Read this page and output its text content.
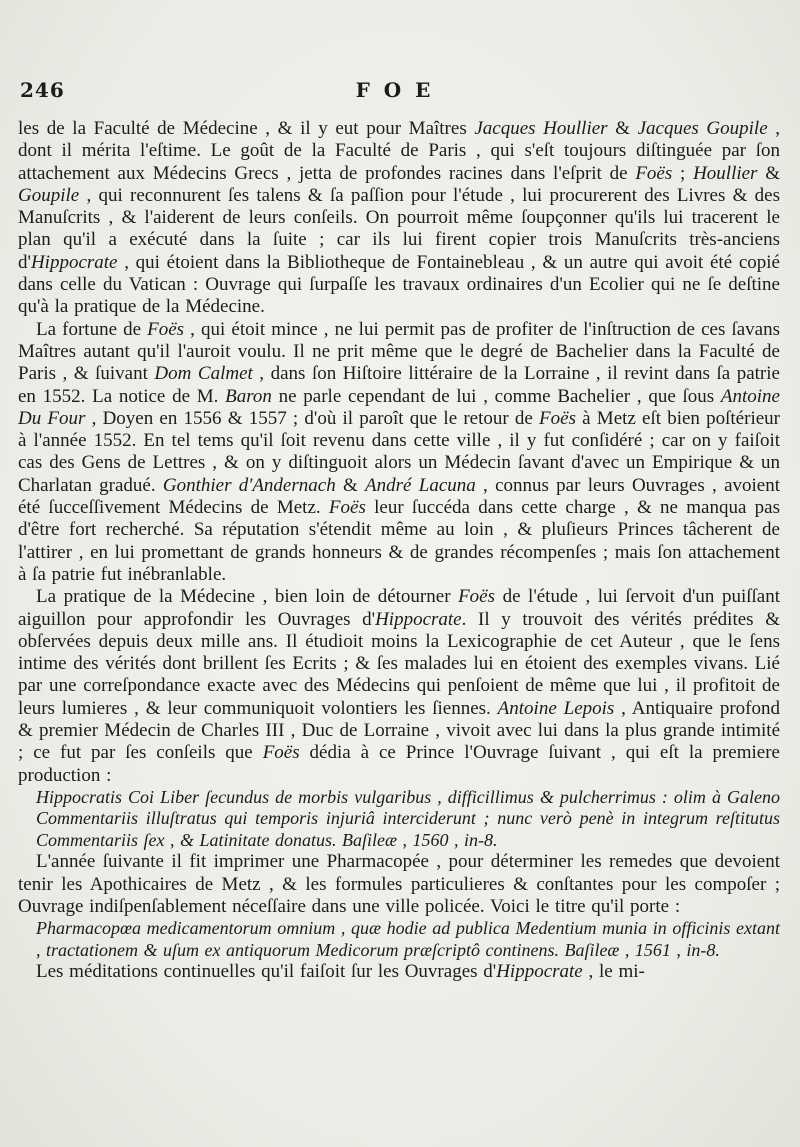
246	FOE

les de la Faculté de Médecine , & il y eut pour Maîtres Jacques Houllier & Jacques Goupile , dont il mérita l'eſtime. Le goût de la Faculté de Paris , qui s'eſt toujours diſtinguée par ſon attachement aux Médecins Grecs , jetta de profondes racines dans l'eſprit de Foës ; Houllier & Goupile , qui reconnurent ſes talens & ſa paſſion pour l'étude , lui procurerent des Livres & des Manuſcrits , & l'aiderent de leurs conſeils. On pourroit même ſoupçonner qu'ils lui tracerent le plan qu'il a exécuté dans la ſuite ; car ils lui firent copier trois Manuſcrits très-anciens d'Hippocrate , qui étoient dans la Bibliotheque de Fontainebleau , & un autre qui avoit été copié dans celle du Vatican : Ouvrage qui ſurpaſſe les travaux ordinaires d'un Ecolier qui ne ſe deſtine qu'à la pratique de la Médecine.

La fortune de Foës , qui étoit mince , ne lui permit pas de profiter de l'inſtruction de ces ſavans Maîtres autant qu'il l'auroit voulu. Il ne prit même que le degré de Bachelier dans la Faculté de Paris , & ſuivant Dom Calmet , dans ſon Hiſtoire littéraire de la Lorraine , il revint dans ſa patrie en 1552. La notice de M. Baron ne parle cependant de lui , comme Bachelier , que ſous Antoine Du Four , Doyen en 1556 & 1557 ; d'où il paroît que le retour de Foës à Metz eſt bien poſtérieur à l'année 1552. En tel tems qu'il ſoit revenu dans cette ville , il y fut conſidéré ; car on y faiſoit cas des Gens de Lettres , & on y diſtinguoit alors un Médecin ſavant d'avec un Empirique & un Charlatan gradué. Gonthier d'Andernach & André Lacuna , connus par leurs Ouvrages , avoient été ſucceſſivement Médecins de Metz. Foës leur ſuccéda dans cette charge , & ne manqua pas d'être fort recherché. Sa réputation s'étendit même au loin , & pluſieurs Princes tâcherent de l'attirer , en lui promettant de grands honneurs & de grandes récompenſes ; mais ſon attachement à ſa patrie fut inébranlable.

La pratique de la Médecine , bien loin de détourner Foës de l'étude , lui ſervoit d'un puiſſant aiguillon pour approfondir les Ouvrages d'Hippocrate. Il y trouvoit des vérités prédites & obſervées depuis deux mille ans. Il étudioit moins la Lexicographie de cet Auteur , que le ſens intime des vérités dont brillent ſes Ecrits ; & ſes malades lui en étoient des exemples vivans. Lié par une correſpondance exacte avec des Médecins qui penſoient de même que lui , il profitoit de leurs lumieres , & leur communiquoit volontiers les ſiennes. Antoine Lepois , Antiquaire profond & premier Médecin de Charles III , Duc de Lorraine , vivoit avec lui dans la plus grande intimité ; ce fut par ſes conſeils que Foës dédia à ce Prince l'Ouvrage ſuivant , qui eſt la premiere production :

Hippocratis Coi Liber ſecundus de morbis vulgaribus , difficillimus & pulcherrimus : olim à Galeno Commentariis illuſtratus qui temporis injuriâ interciderunt ; nunc verò penè in integrum reſtitutus Commentariis ſex , & Latinitate donatus. Baſileæ , 1560 , in-8.

L'année ſuivante il fit imprimer une Pharmacopée , pour déterminer les remedes que devoient tenir les Apothicaires de Metz , & les formules particulieres & conſtantes pour les compoſer ; Ouvrage indiſpenſablement néceſſaire dans une ville policée. Voici le titre qu'il porte :

Pharmacopœa medicamentorum omnium , quæ hodie ad publica Medentium munia in officinis extant , tractationem & uſum ex antiquorum Medicorum præſcriptô continens. Baſileæ , 1561 , in-8.

Les méditations continuelles qu'il faiſoit ſur les Ouvrages d'Hippocrate , le mi-
